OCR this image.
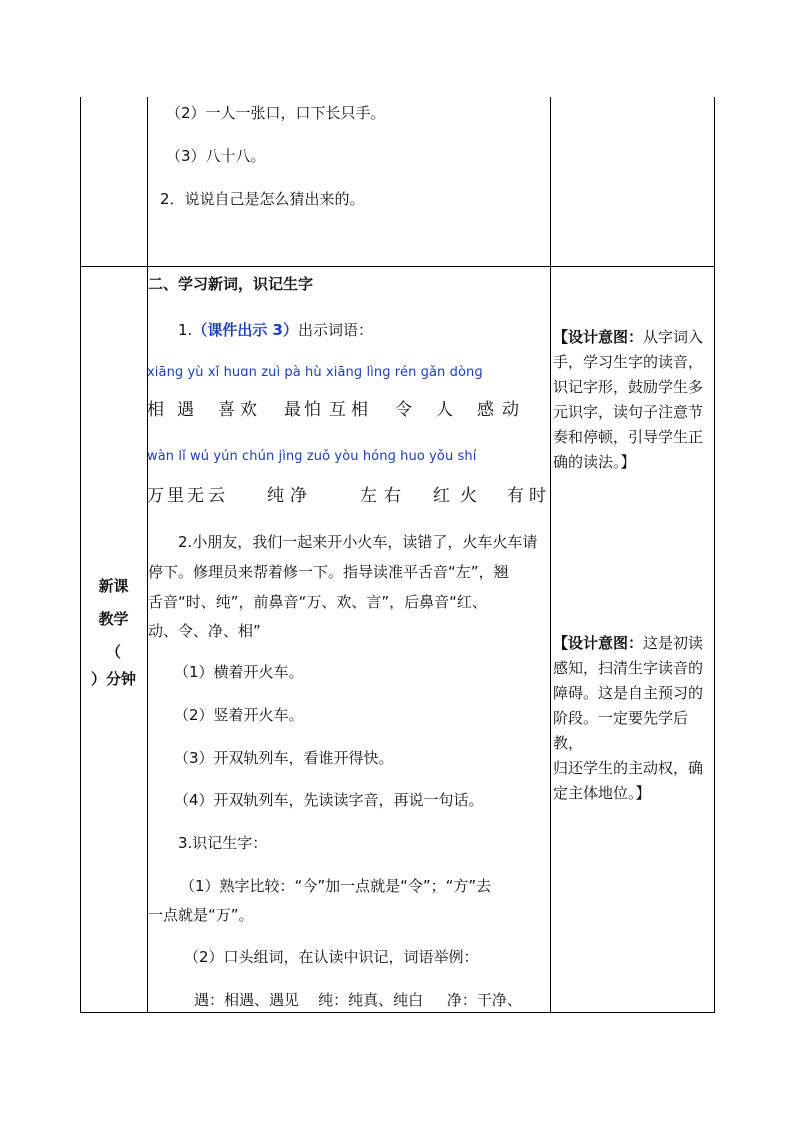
（2）一人一张口，口下长只手。
（3）八十八。
2．说说自己是怎么猜出来的。
新课
教学
（
）分钟
二、学习新词，识记生字
1.（课件出示 3）出示词语：
xiānɡ yù xǐ huɑn zuì pà hù xiānɡ lìnɡ rén ɡǎn dònɡ
相 遇 喜 欢 最 怕 互 相 令 人 感 动
wàn lǐ wú yún chún jìnɡ zuǒ yòu hónɡ huo yǒu shí
万 里 无 云 纯 净	左 右 红 火 有 时
2.小朋友，我们一起来开小火车，读错了，火车火车请
停下。修理员来帮着修一下。指导读准平舌音“左”，翘
舌音“时、纯”，前鼻音“万、欢、言”，后鼻音“红、
动、令、净、相”
（1）横着开火车。
（2）竖着开火车。
（3）开双轨列车，看谁开得快。
（4）开双轨列车，先读读字音，再说一句话。
3.识记生字：
（1）熟字比较：“今”加一点就是“令”；“方”去
一点就是“万”。
（2）口头组词，在认读中识记，词语举例：
遇：相遇、遇见    纯：纯真、纯白     净：干净、
【设计意图：从字词入
手，学习生字的读音，
识记字形，鼓励学生多
元识字，读句子注意节
奏和停顿，引导学生正
确的读法。】
【设计意图：这是初读
感知，扫清生字读音的
障碍。这是自主预习的
阶段。一定要先学后教，
归还学生的主动权，确
定主体地位。】
